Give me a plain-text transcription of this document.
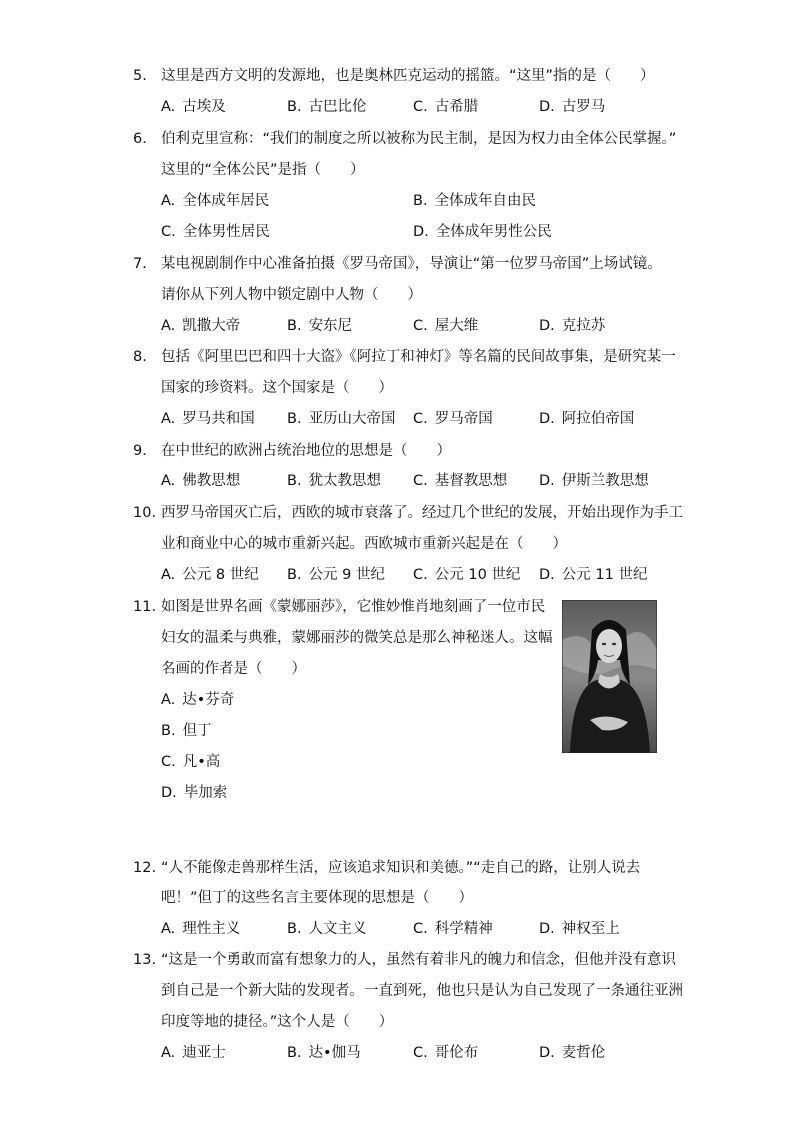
5. 这里是西方文明的发源地，也是奥林匹克运动的摇篮。“这里”指的是（　　）
A. 古埃及	B. 古巴比伦	C. 古希腊	D. 古罗马
6. 伯利克里宣称：“我们的制度之所以被称为民主制，是因为权力由全体公民掌握。”
这里的“全体公民”是指（　　）
A. 全体成年居民	B. 全体成年自由民
C. 全体男性居民	D. 全体成年男性公民
7. 某电视剧制作中心准备拍摄《罗马帝国》，导演让“第一位罗马帝国”上场试镜。
请你从下列人物中锁定剧中人物（　　）
A. 凯撒大帝	B. 安东尼	C. 屋大维	D. 克拉苏
8. 包括《阿里巴巴和四十大盗》《阿拉丁和神灯》等名篇的民间故事集，是研究某一
国家的珍资料。这个国家是（　　）
A. 罗马共和国 B. 亚历山大帝国 C. 罗马帝国	D. 阿拉伯帝国
9. 在中世纪的欧洲占统治地位的思想是（　　）
A. 佛教思想	B. 犹太教思想 C. 基督教思想 D. 伊斯兰教思想
10. 西罗马帝国灭亡后，西欧的城市衰落了。经过几个世纪的发展，开始出现作为手工
业和商业中心的城市重新兴起。西欧城市重新兴起是在（　　）
A. 公元 8 世纪 B. 公元 9 世纪 C. 公元 10 世纪 D. 公元 11 世纪
11. 如图是世界名画《蒙娜丽莎》，它惟妙惟肖地刻画了一位市民
妇女的温柔与典雅，蒙娜丽莎的微笑总是那么神秘迷人。这幅
名画的作者是（　　）
A. 达•芬奇
B. 但丁
C. 凡•高
D. 毕加索
12. “人不能像走兽那样生活，应该追求知识和美德。”“走自己的路，让别人说去
吧！”但丁的这些名言主要体现的思想是（　　）
A. 理性主义	B. 人文主义	C. 科学精神	D. 神权至上
13. “这是一个勇敢而富有想象力的人，虽然有着非凡的魄力和信念，但他并没有意识
到自己是一个新大陆的发现者。一直到死，他也只是认为自己发现了一条通往亚洲
印度等地的捷径。”这个人是（　　）
A. 迪亚士	B. 达•伽马	C. 哥伦布	D. 麦哲伦
